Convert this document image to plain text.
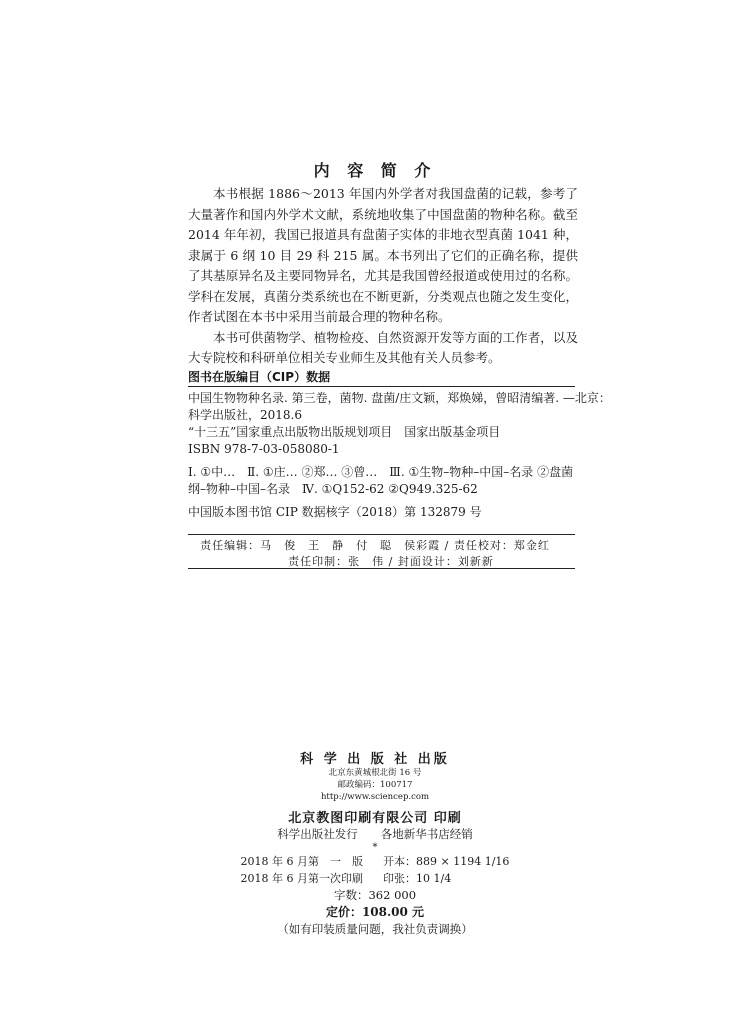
内 容 简 介

本书根据 1886～2013 年国内外学者对我国盘菌的记载，参考了大量著作和国内外学术文献，系统地收集了中国盘菌的物种名称。截至 2014 年年初，我国已报道具有盘菌子实体的非地衣型真菌 1041 种，隶属于 6 纲 10 目 29 科 215 属。本书列出了它们的正确名称，提供了其基原异名及主要同物异名，尤其是我国曾经报道或使用过的名称。学科在发展，真菌分类系统也在不断更新，分类观点也随之发生变化，作者试图在本书中采用当前最合理的物种名称。

本书可供菌物学、植物检疫、自然资源开发等方面的工作者，以及大专院校和科研单位相关专业师生及其他有关人员参考。

图书在版编目（CIP）数据
中国生物物种名录. 第三卷，菌物. 盘菌/庄文颖，郑焕娣，曾昭清编著. —北京：
科学出版社，2018.6
“十三五”国家重点出版物出版规划项目　国家出版基金项目
ISBN 978-7-03-058080-1
Ⅰ. ①中…　Ⅱ. ①庄… ②郑… ③曾…　Ⅲ. ①生物–物种–中国–名录 ②盘菌纲–物种–中国–名录　Ⅳ. ①Q152-62 ②Q949.325-62
中国版本图书馆 CIP 数据核字（2018）第 132879 号
责任编辑：马　俊　王　静　付　聪　侯彩霞 / 责任校对：郑金红
责任印制：张　伟 / 封面设计：刘新新
科 学 出 版 社 出版
北京东黄城根北街 16 号
邮政编码：100717
http://www.sciencep.com
北京教图印刷有限公司 印刷
科学出版社发行　　各地新华书店经销
*
2018 年 6 月第　一　版 开本：889 × 1194 1/16
2018 年 6 月第一次印刷 印张：10 1/4
字数：362 000
定价：108.00 元
（如有印装质量问题，我社负责调换）
